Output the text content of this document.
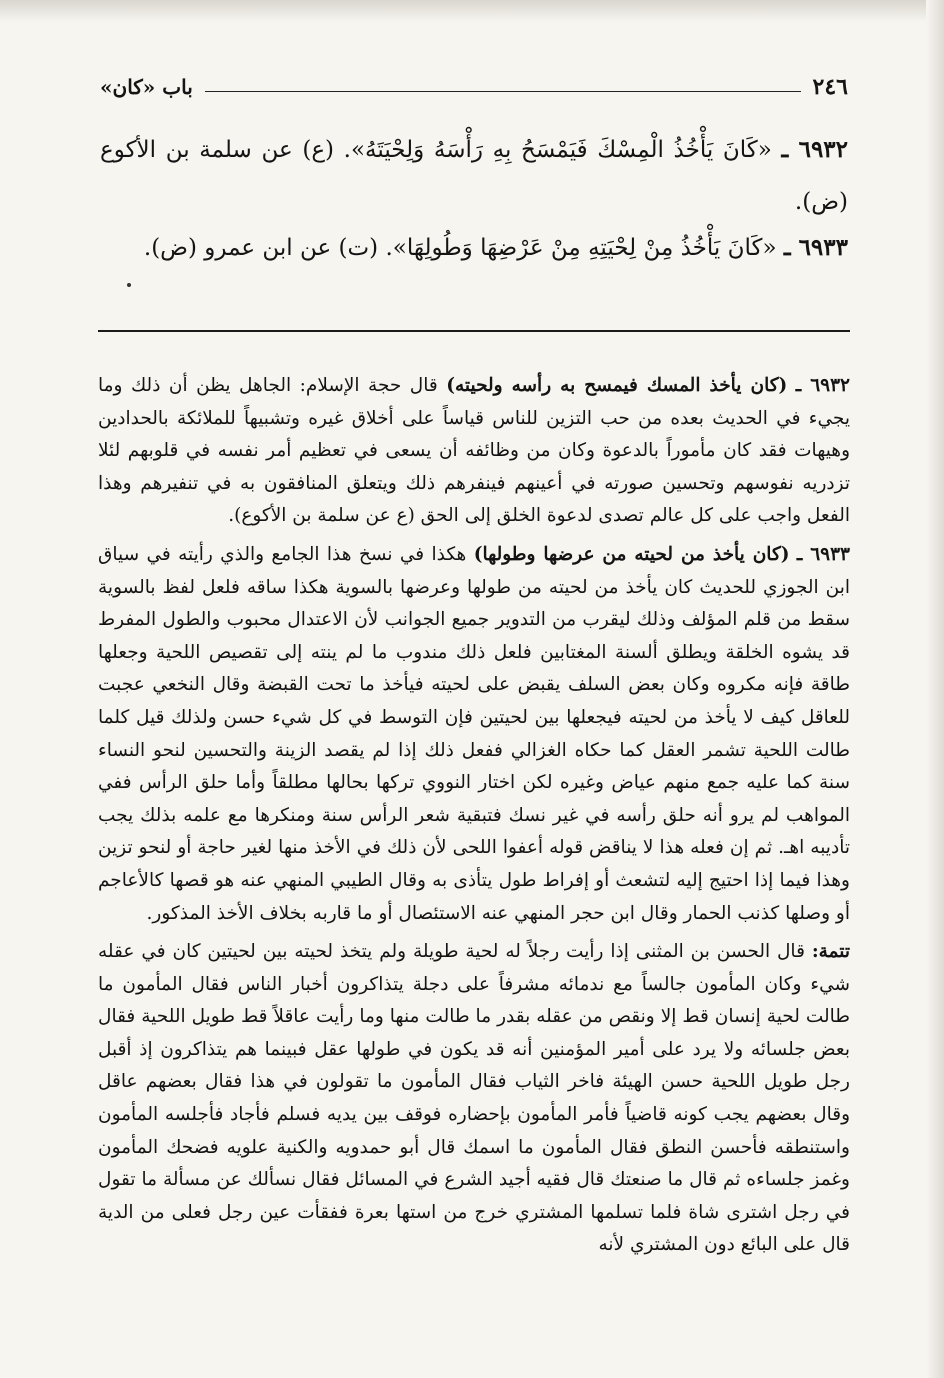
٢٤٦
باب «كان»
٦٩٣٢ ـ «كَانَ يَأْخُذُ الْمِسْكَ فَيَمْسَحُ بِهِ رَأْسَهُ وَلِحْيَتَهُ». (ع) عن سلمة بن الأكوع (ض).
٦٩٣٣ ـ «كَانَ يَأْخُذُ مِنْ لِحْيَتِهِ مِنْ عَرْضِهَا وَطُولِهَا». (ت) عن ابن عمرو (ض).

٦٩٣٢ ـ (كان يأخذ المسك فيمسح به رأسه ولحيته) قال حجة الإسلام: الجاهل يظن أن ذلك وما يجيء في الحديث بعده من حب التزين للناس قياساً على أخلاق غيره وتشبيهاً للملائكة بالحدادين وهيهات فقد كان مأموراً بالدعوة وكان من وظائفه أن يسعى في تعظيم أمر نفسه في قلوبهم لئلا تزدريه نفوسهم وتحسين صورته في أعينهم فينفرهم ذلك ويتعلق المنافقون به في تنفيرهم وهذا الفعل واجب على كل عالم تصدى لدعوة الخلق إلى الحق (ع عن سلمة بن الأكوع).

٦٩٣٣ ـ (كان يأخذ من لحيته من عرضها وطولها) هكذا في نسخ هذا الجامع والذي رأيته في سياق ابن الجوزي للحديث كان يأخذ من لحيته من طولها وعرضها بالسوية هكذا ساقه فلعل لفظ بالسوية سقط من قلم المؤلف وذلك ليقرب من التدوير جميع الجوانب لأن الاعتدال محبوب والطول المفرط قد يشوه الخلقة ويطلق ألسنة المغتابين فلعل ذلك مندوب ما لم ينته إلى تقصيص اللحية وجعلها طاقة فإنه مكروه وكان بعض السلف يقبض على لحيته فيأخذ ما تحت القبضة وقال النخعي عجبت للعاقل كيف لا يأخذ من لحيته فيجعلها بين لحيتين فإن التوسط في كل شيء حسن ولذلك قيل كلما طالت اللحية تشمر العقل كما حكاه الغزالي ففعل ذلك إذا لم يقصد الزينة والتحسين لنحو النساء سنة كما عليه جمع منهم عياض وغيره لكن اختار النووي تركها بحالها مطلقاً وأما حلق الرأس ففي المواهب لم يرو أنه حلق رأسه في غير نسك فتبقية شعر الرأس سنة ومنكرها مع علمه بذلك يجب تأديبه اهـ. ثم إن فعله هذا لا يناقض قوله أعفوا اللحى لأن ذلك في الأخذ منها لغير حاجة أو لنحو تزين وهذا فيما إذا احتيج إليه لتشعث أو إفراط طول يتأذى به وقال الطيبي المنهي عنه هو قصها كالأعاجم أو وصلها كذنب الحمار وقال ابن حجر المنهي عنه الاستئصال أو ما قاربه بخلاف الأخذ المذكور.

تتمة: قال الحسن بن المثنى إذا رأيت رجلاً له لحية طويلة ولم يتخذ لحيته بين لحيتين كان في عقله شيء وكان المأمون جالساً مع ندمائه مشرفاً على دجلة يتذاكرون أخبار الناس فقال المأمون ما طالت لحية إنسان قط إلا ونقص من عقله بقدر ما طالت منها وما رأيت عاقلاً قط طويل اللحية فقال بعض جلسائه ولا يرد على أمير المؤمنين أنه قد يكون في طولها عقل فبينما هم يتذاكرون إذ أقبل رجل طويل اللحية حسن الهيئة فاخر الثياب فقال المأمون ما تقولون في هذا فقال بعضهم عاقل وقال بعضهم يجب كونه قاضياً فأمر المأمون بإحضاره فوقف بين يديه فسلم فأجاد فأجلسه المأمون واستنطقه فأحسن النطق فقال المأمون ما اسمك قال أبو حمدويه والكنية علويه فضحك المأمون وغمز جلساءه ثم قال ما صنعتك قال فقيه أجيد الشرع في المسائل فقال نسألك عن مسألة ما تقول في رجل اشترى شاة فلما تسلمها المشتري خرج من استها بعرة ففقأت عين رجل فعلى من الدية قال على البائع دون المشتري لأنه
